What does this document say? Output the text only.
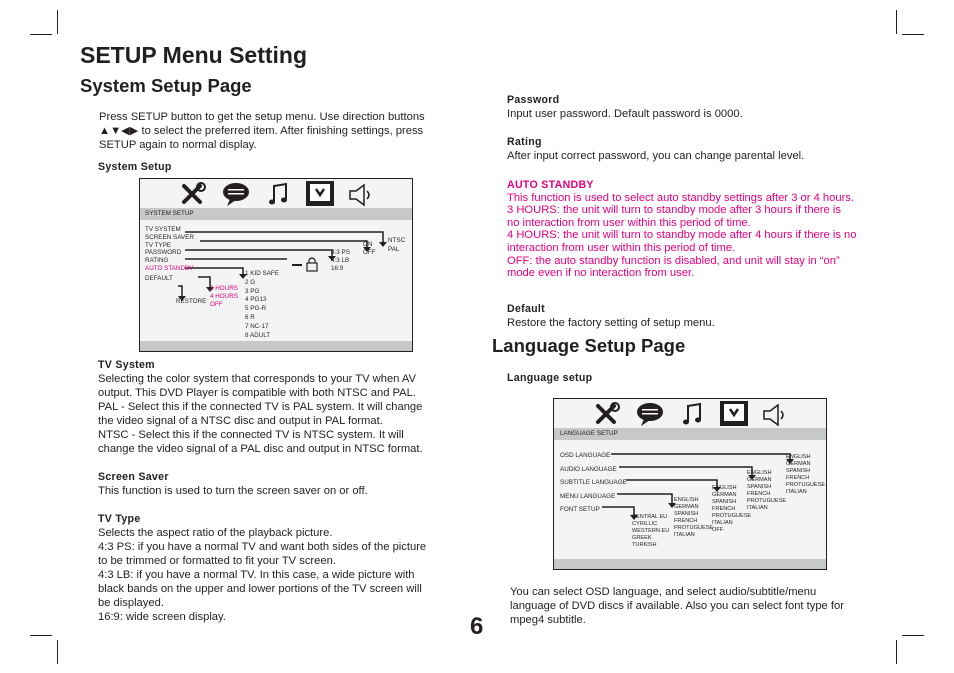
SETUP Menu Setting
System Setup Page
Press SETUP button to get the setup menu. Use direction buttons
▲▼◀▶ to select the preferred item. After finishing settings, press
SETUP again to normal display.
System Setup
SYSTEM SETUP
TV SYSTEM
SCREEN SAVER
TV TYPE
PASSWORD
RATING
AUTO STANDBY
DEFAULT
RESTORE
3 HOURS
4 HOURS
OFF
1 KID SAFE
2 G
3 PG
4 PG13
5 PG-R
6 R
7 NC-17
8 ADULT
4:3 PS
4:3 LB
16:9
ON
OFF
NTSC
PAL
TV System
Selecting the color system that corresponds to your TV when AV
output. This DVD Player is compatible with both NTSC and PAL.
PAL - Select this if the connected TV is PAL system. It will change
the video signal of a NTSC disc and output in PAL format.
NTSC - Select this if the connected TV is NTSC system. It will
change the video signal of a PAL disc and output in NTSC format.
Screen Saver
This function is used to turn the screen saver on or off.
TV Type
Selects the aspect ratio of the playback picture.
4:3 PS: if you have a normal TV and want both sides of the picture
to be trimmed or formatted to fit your TV screen.
4:3 LB: if you have a normal TV. In this case, a wide picture with
black bands on the upper and lower portions of the TV screen will
be displayed.
16:9: wide screen display.
Password
Input user password. Default password is 0000.
Rating
After input correct password, you can change parental level.
AUTO STANDBY
This function is used to select auto standby settings after 3 or 4 hours.
3 HOURS: the unit will turn to standby mode after 3 hours if there is
no interaction from user within this period of time.
4 HOURS: the unit will turn to standby mode after 4 hours if there is no
interaction from user within this period of time.
OFF: the auto standby function is disabled, and unit will stay in “on”
mode even if no interaction from user.
Default
Restore the factory setting of setup menu.
Language Setup Page
Language setup
LANGUAGE SETUP
OSD LANGUAGE
AUDIO LANGUAGE
SUBTITLE LANGUAGE
MENU LANGUAGE
FONT SETUP
CENTRAL EU
CYRILLIC
WESTERN EU
GREEK
TURKISH
ENGLISH
GERMAN
SPANISH
FRENCH
PROTUGUESE
ITALIAN
ENGLISH
GERMAN
SPANISH
FRENCH
PROTUGUESE
ITALIAN
OFF
ENGLISH
GERMAN
SPANISH
FRENCH
PROTUGUESE
ITALIAN
ENGLISH
GERMAN
SPANISH
FRENCH
PROTUGUESE
ITALIAN
You can select OSD language, and select audio/subtitle/menu
language of DVD discs if available. Also you can select font type for
mpeg4 subtitle.
6
